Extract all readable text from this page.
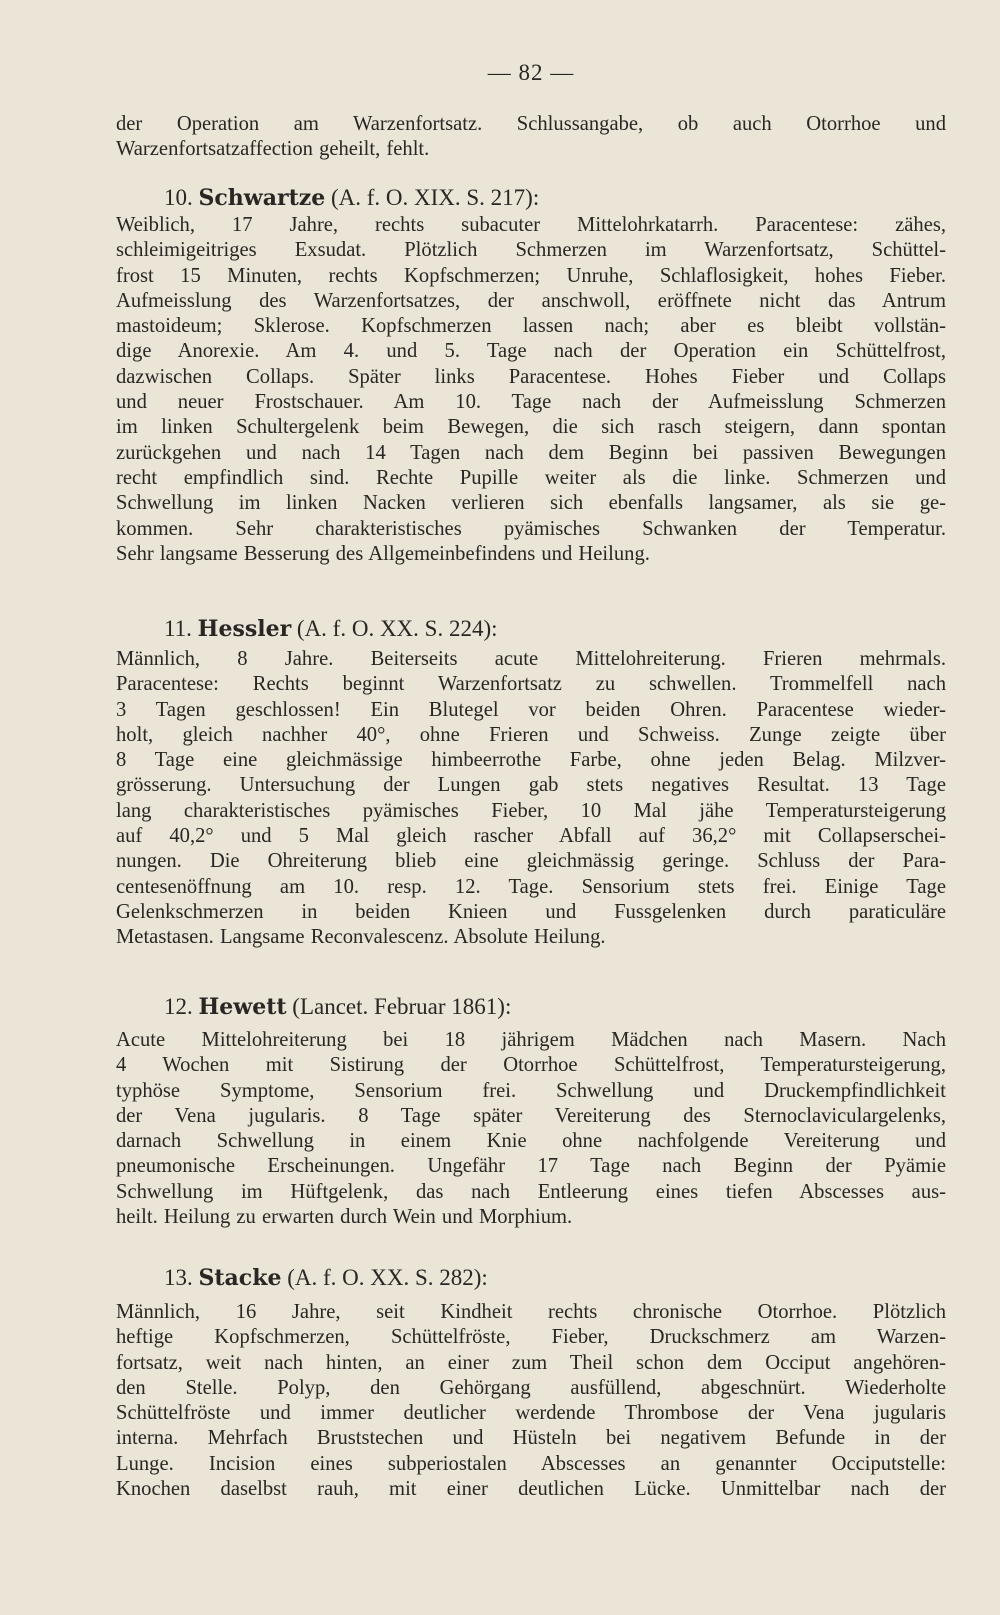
— 82 —
der Operation am Warzenfortsatz. Schlussangabe, ob auch Otorrhoe und
Warzenfortsatzaffection geheilt, fehlt.
10. Schwartze (A. f. O. XIX. S. 217):
Weiblich, 17 Jahre, rechts subacuter Mittelohrkatarrh. Paracentese: zähes,
schleimigeitriges Exsudat. Plötzlich Schmerzen im Warzenfortsatz, Schüttel-
frost 15 Minuten, rechts Kopfschmerzen; Unruhe, Schlaflosigkeit, hohes Fieber.
Aufmeisslung des Warzenfortsatzes, der anschwoll, eröffnete nicht das Antrum
mastoideum; Sklerose. Kopfschmerzen lassen nach; aber es bleibt vollstän-
dige Anorexie. Am 4. und 5. Tage nach der Operation ein Schüttelfrost,
dazwischen Collaps. Später links Paracentese. Hohes Fieber und Collaps
und neuer Frostschauer. Am 10. Tage nach der Aufmeisslung Schmerzen
im linken Schultergelenk beim Bewegen, die sich rasch steigern, dann spontan
zurückgehen und nach 14 Tagen nach dem Beginn bei passiven Bewegungen
recht empfindlich sind. Rechte Pupille weiter als die linke. Schmerzen und
Schwellung im linken Nacken verlieren sich ebenfalls langsamer, als sie ge-
kommen. Sehr charakteristisches pyämisches Schwanken der Temperatur.
Sehr langsame Besserung des Allgemeinbefindens und Heilung.
11. Hessler (A. f. O. XX. S. 224):
Männlich, 8 Jahre. Beiterseits acute Mittelohreiterung. Frieren mehrmals.
Paracentese: Rechts beginnt Warzenfortsatz zu schwellen. Trommelfell nach
3 Tagen geschlossen! Ein Blutegel vor beiden Ohren. Paracentese wieder-
holt, gleich nachher 40°, ohne Frieren und Schweiss. Zunge zeigte über
8 Tage eine gleichmässige himbeerrothe Farbe, ohne jeden Belag. Milzver-
grösserung. Untersuchung der Lungen gab stets negatives Resultat. 13 Tage
lang charakteristisches pyämisches Fieber, 10 Mal jähe Temperatursteigerung
auf 40,2° und 5 Mal gleich rascher Abfall auf 36,2° mit Collapserschei-
nungen. Die Ohreiterung blieb eine gleichmässig geringe. Schluss der Para-
centesenöffnung am 10. resp. 12. Tage. Sensorium stets frei. Einige Tage
Gelenkschmerzen in beiden Knieen und Fussgelenken durch paraticuläre
Metastasen. Langsame Reconvalescenz. Absolute Heilung.
12. Hewett (Lancet. Februar 1861):
Acute Mittelohreiterung bei 18 jährigem Mädchen nach Masern. Nach
4 Wochen mit Sistirung der Otorrhoe Schüttelfrost, Temperatursteigerung,
typhöse Symptome, Sensorium frei. Schwellung und Druckempfindlichkeit
der Vena jugularis. 8 Tage später Vereiterung des Sternoclaviculargelenks,
darnach Schwellung in einem Knie ohne nachfolgende Vereiterung und
pneumonische Erscheinungen. Ungefähr 17 Tage nach Beginn der Pyämie
Schwellung im Hüftgelenk, das nach Entleerung eines tiefen Abscesses aus-
heilt. Heilung zu erwarten durch Wein und Morphium.
13. Stacke (A. f. O. XX. S. 282):
Männlich, 16 Jahre, seit Kindheit rechts chronische Otorrhoe. Plötzlich
heftige Kopfschmerzen, Schüttelfröste, Fieber, Druckschmerz am Warzen-
fortsatz, weit nach hinten, an einer zum Theil schon dem Occiput angehören-
den Stelle. Polyp, den Gehörgang ausfüllend, abgeschnürt. Wiederholte
Schüttelfröste und immer deutlicher werdende Thrombose der Vena jugularis
interna. Mehrfach Bruststechen und Hüsteln bei negativem Befunde in der
Lunge. Incision eines subperiostalen Abscesses an genannter Occiputstelle:
Knochen daselbst rauh, mit einer deutlichen Lücke. Unmittelbar nach der
